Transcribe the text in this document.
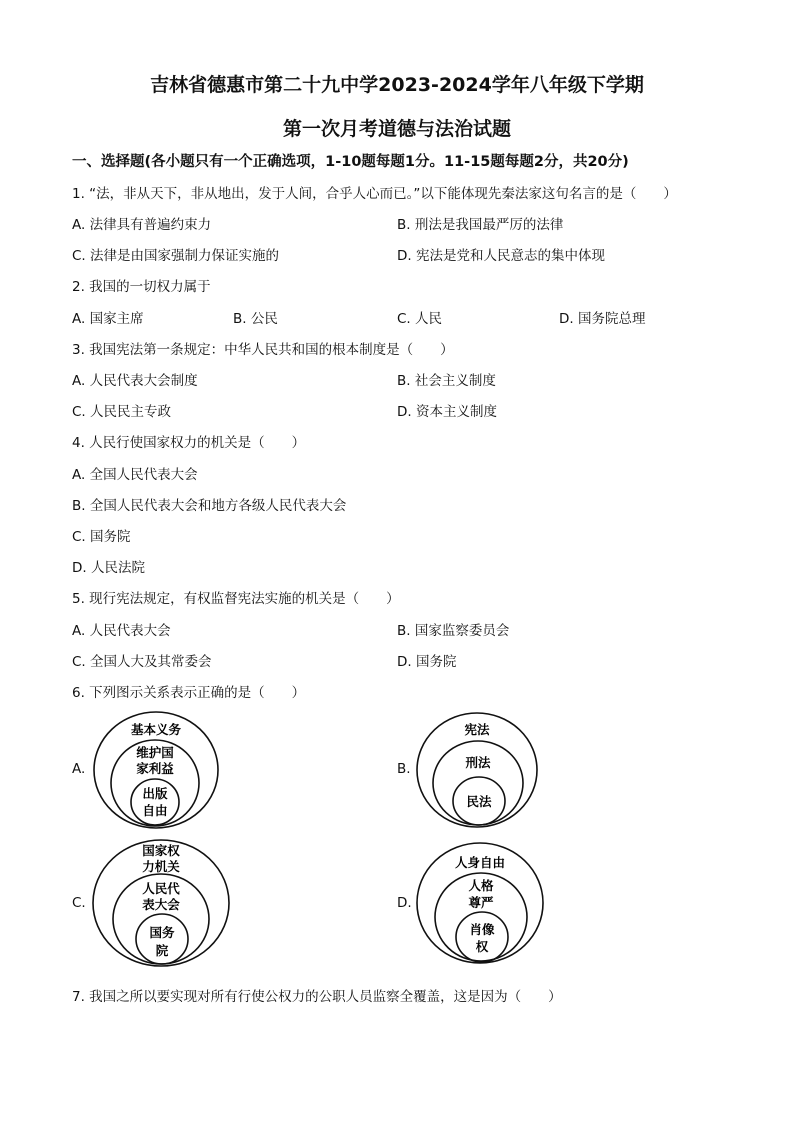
吉林省德惠市第二十九中学2023-2024学年八年级下学期
第一次月考道德与法治试题
一、选择题(各小题只有一个正确选项，1-10题每题1分。11-15题每题2分，共20分)
1. “法，非从天下，非从地出，发于人间，合乎人心而已。”以下能体现先秦法家这句名言的是（　　）
A. 法律具有普遍约束力	B. 刑法是我国最严厉的法律
C. 法律是由国家强制力保证实施的	D. 宪法是党和人民意志的集中体现
2. 我国的一切权力属于
A. 国家主席	B. 公民	C. 人民	D. 国务院总理
3. 我国宪法第一条规定：中华人民共和国的根本制度是（　　）
A. 人民代表大会制度	B. 社会主义制度
C. 人民民主专政	D. 资本主义制度
4. 人民行使国家权力的机关是（　　）
A. 全国人民代表大会
B. 全国人民代表大会和地方各级人民代表大会
C. 国务院
D. 人民法院
5. 现行宪法规定，有权监督宪法实施的机关是（　　）
A. 人民代表大会	B. 国家监察委员会
C. 全国人大及其常委会	D. 国务院
6. 下列图示关系表示正确的是（　　）
A.
基本义务
维护国
家利益
出版
自由
B.
宪法
刑法
民法
C.
国家权
力机关
人民代
表大会
国务
院
D.
人身自由
人格
尊严
肖像
权
7. 我国之所以要实现对所有行使公权力的公职人员监察全覆盖，这是因为（　　）
